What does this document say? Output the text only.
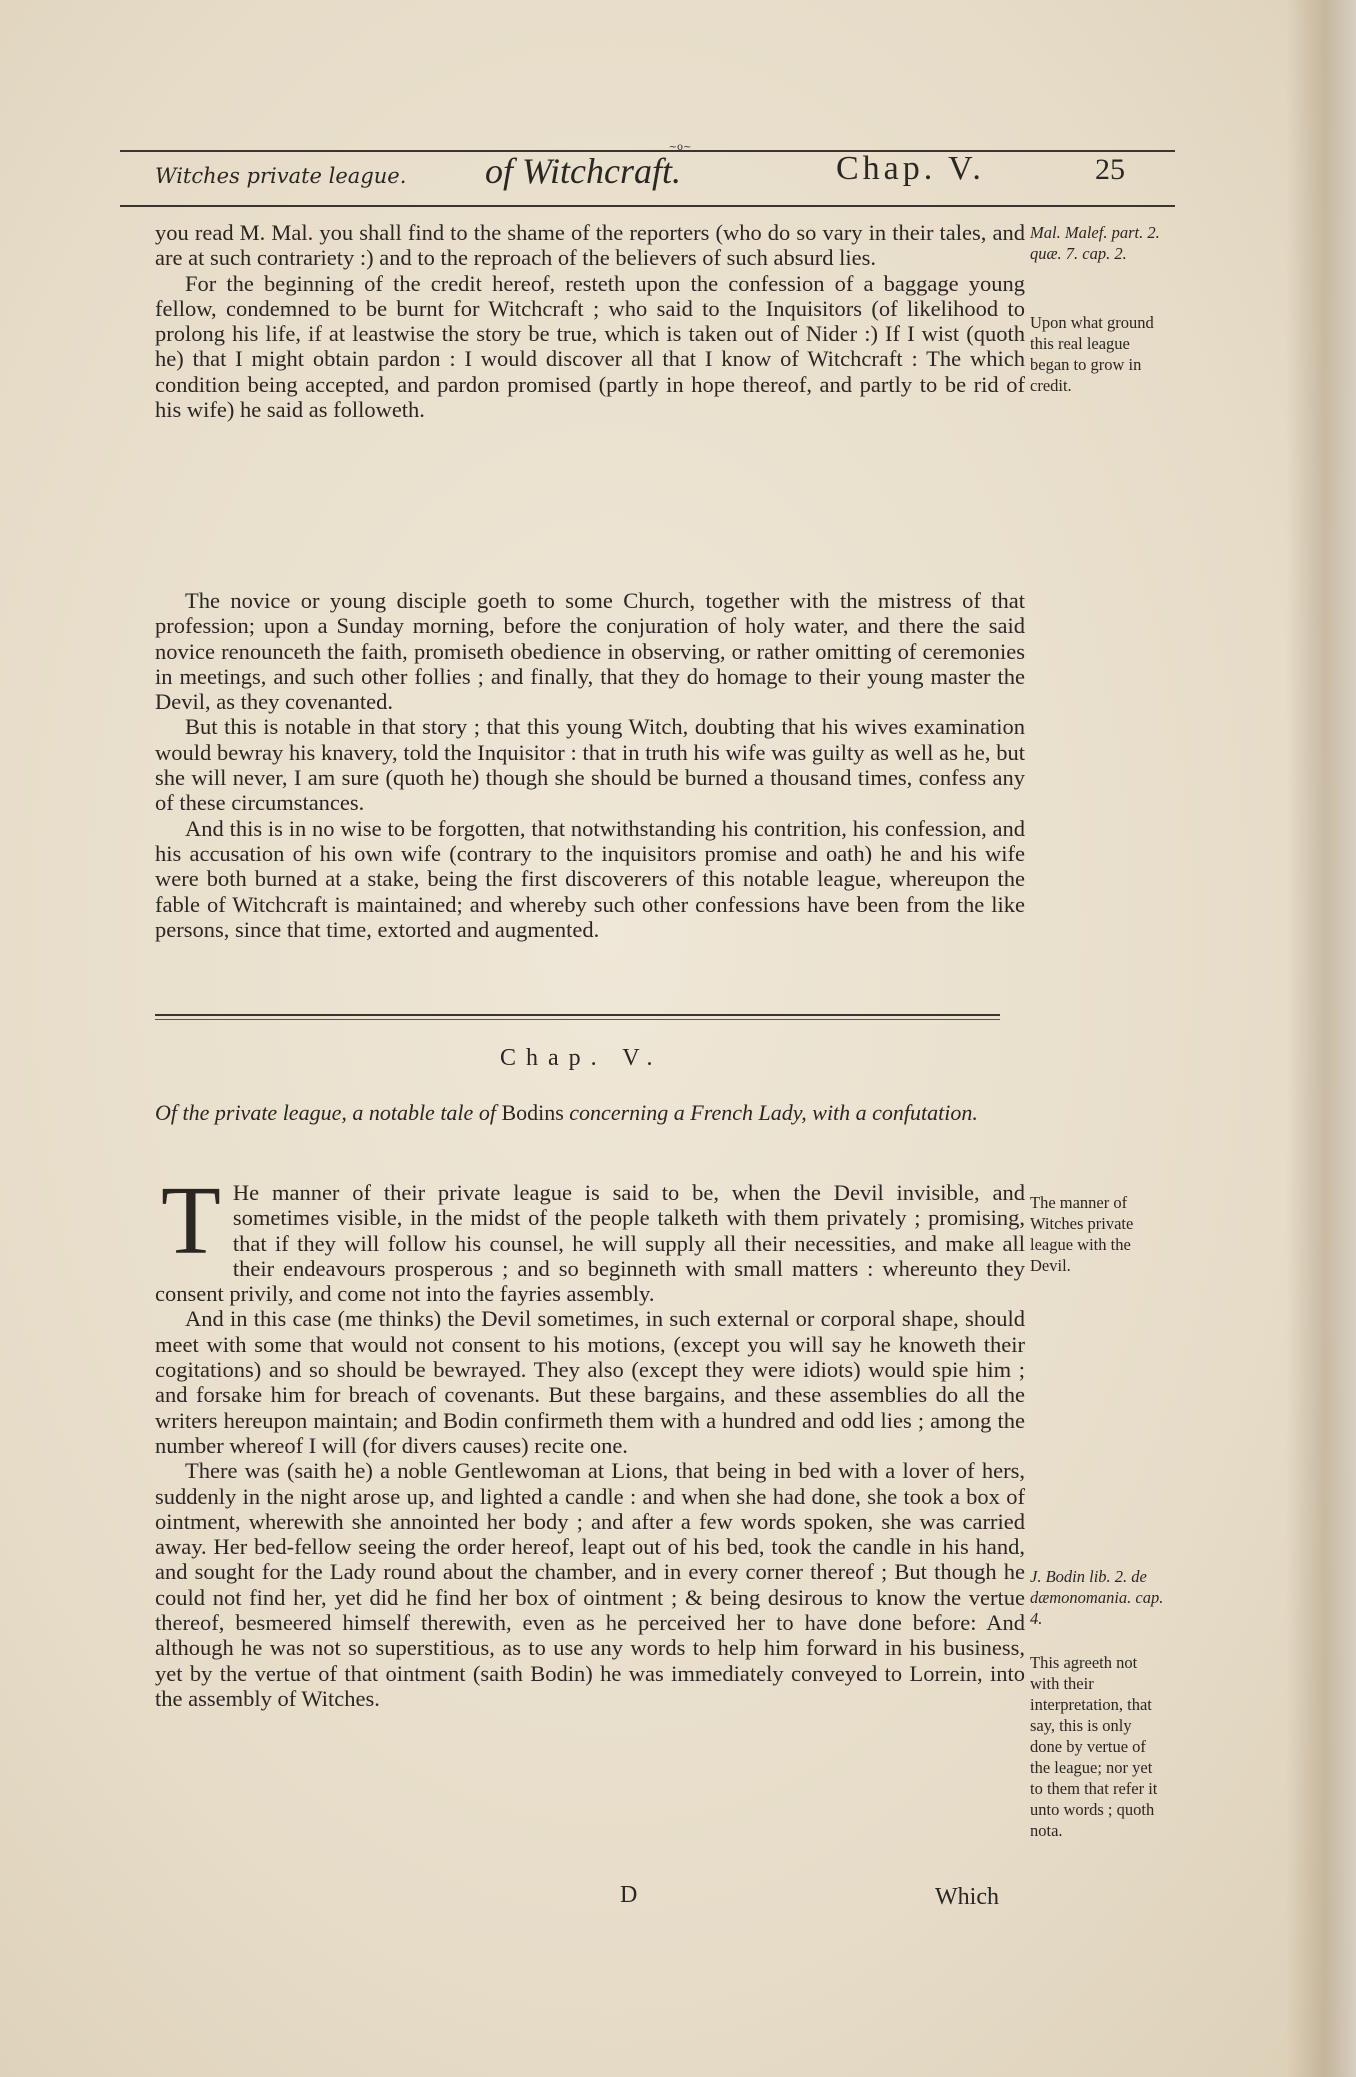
~o~
Witches private league. of Witchcraft.	Chap. V.	25

you read M. Mal. you shall find to the shame of the reporters (who do so vary in their tales, and are at such contrariety :) and to the reproach of the believers of such absurd lies.

For the beginning of the credit hereof, resteth upon the confession of a baggage young fellow, condemned to be burnt for Witchcraft ; who said to the Inquisitors (of likelihood to prolong his life, if at leastwise the story be true, which is taken out of Nider :) If I wist (quoth he) that I might obtain pardon : I would discover all that I know of Witchcraft : The which condition being accepted, and pardon promised (partly in hope thereof, and partly to be rid of his wife) he said as followeth.

The novice or young disciple goeth to some Church, together with the mistress of that profession; upon a Sunday morning, before the conjuration of holy water, and there the said novice renounceth the faith, promiseth obedience in observing, or rather omitting of ceremonies in meetings, and such other follies ; and finally, that they do homage to their young master the Devil, as they covenanted.

But this is notable in that story ; that this young Witch, doubting that his wives examination would bewray his knavery, told the Inquisitor : that in truth his wife was guilty as well as he, but she will never, I am sure (quoth he) though she should be burned a thousand times, confess any of these circumstances.

And this is in no wise to be forgotten, that notwithstanding his contrition, his confession, and his accusation of his own wife (contrary to the inquisitors promise and oath) he and his wife were both burned at a stake, being the first discoverers of this notable league, whereupon the fable of Witchcraft is maintained; and whereby such other confessions have been from the like persons, since that time, extorted and augmented.

Mal. Malef. part. 2. quæ. 7. cap. 2.
Upon what ground this real league began to grow in credit.
Chap. V.
Of the private league, a notable tale of Bodins concerning a French Lady, with a confutation.

T He manner of their private league is said to be, when the Devil invisible, and sometimes visible, in the midst of the people talketh with them privately ; promising, that if they will follow his counsel, he will supply all their necessities, and make all their endeavours prosperous ; and so beginneth with small matters : whereunto they consent privily, and come not into the fayries assembly.

And in this case (me thinks) the Devil sometimes, in such external or corporal shape, should meet with some that would not consent to his motions, (except you will say he knoweth their cogitations) and so should be bewrayed. They also (except they were idiots) would spie him ; and forsake him for breach of covenants. But these bargains, and these assemblies do all the writers hereupon maintain; and Bodin confirmeth them with a hundred and odd lies ; among the number whereof I will (for divers causes) recite one.

There was (saith he) a noble Gentlewoman at Lions, that being in bed with a lover of hers, suddenly in the night arose up, and lighted a candle : and when she had done, she took a box of ointment, wherewith she annointed her body ; and after a few words spoken, she was carried away. Her bed-fellow seeing the order hereof, leapt out of his bed, took the candle in his hand, and sought for the Lady round about the chamber, and in every corner thereof ; But though he could not find her, yet did he find her box of ointment ; & being desirous to know the vertue thereof, besmeered himself therewith, even as he perceived her to have done before: And although he was not so superstitious, as to use any words to help him forward in his business, yet by the vertue of that ointment (saith Bodin) he was immediately conveyed to Lorrein, into the assembly of Witches.

The manner of Witches private league with the Devil.
J. Bodin lib. 2. de dæmonomania. cap. 4.
This agreeth not with their interpretation, that say, this is only done by vertue of the league; nor yet to them that refer it unto words ; quoth nota.
D	Which
